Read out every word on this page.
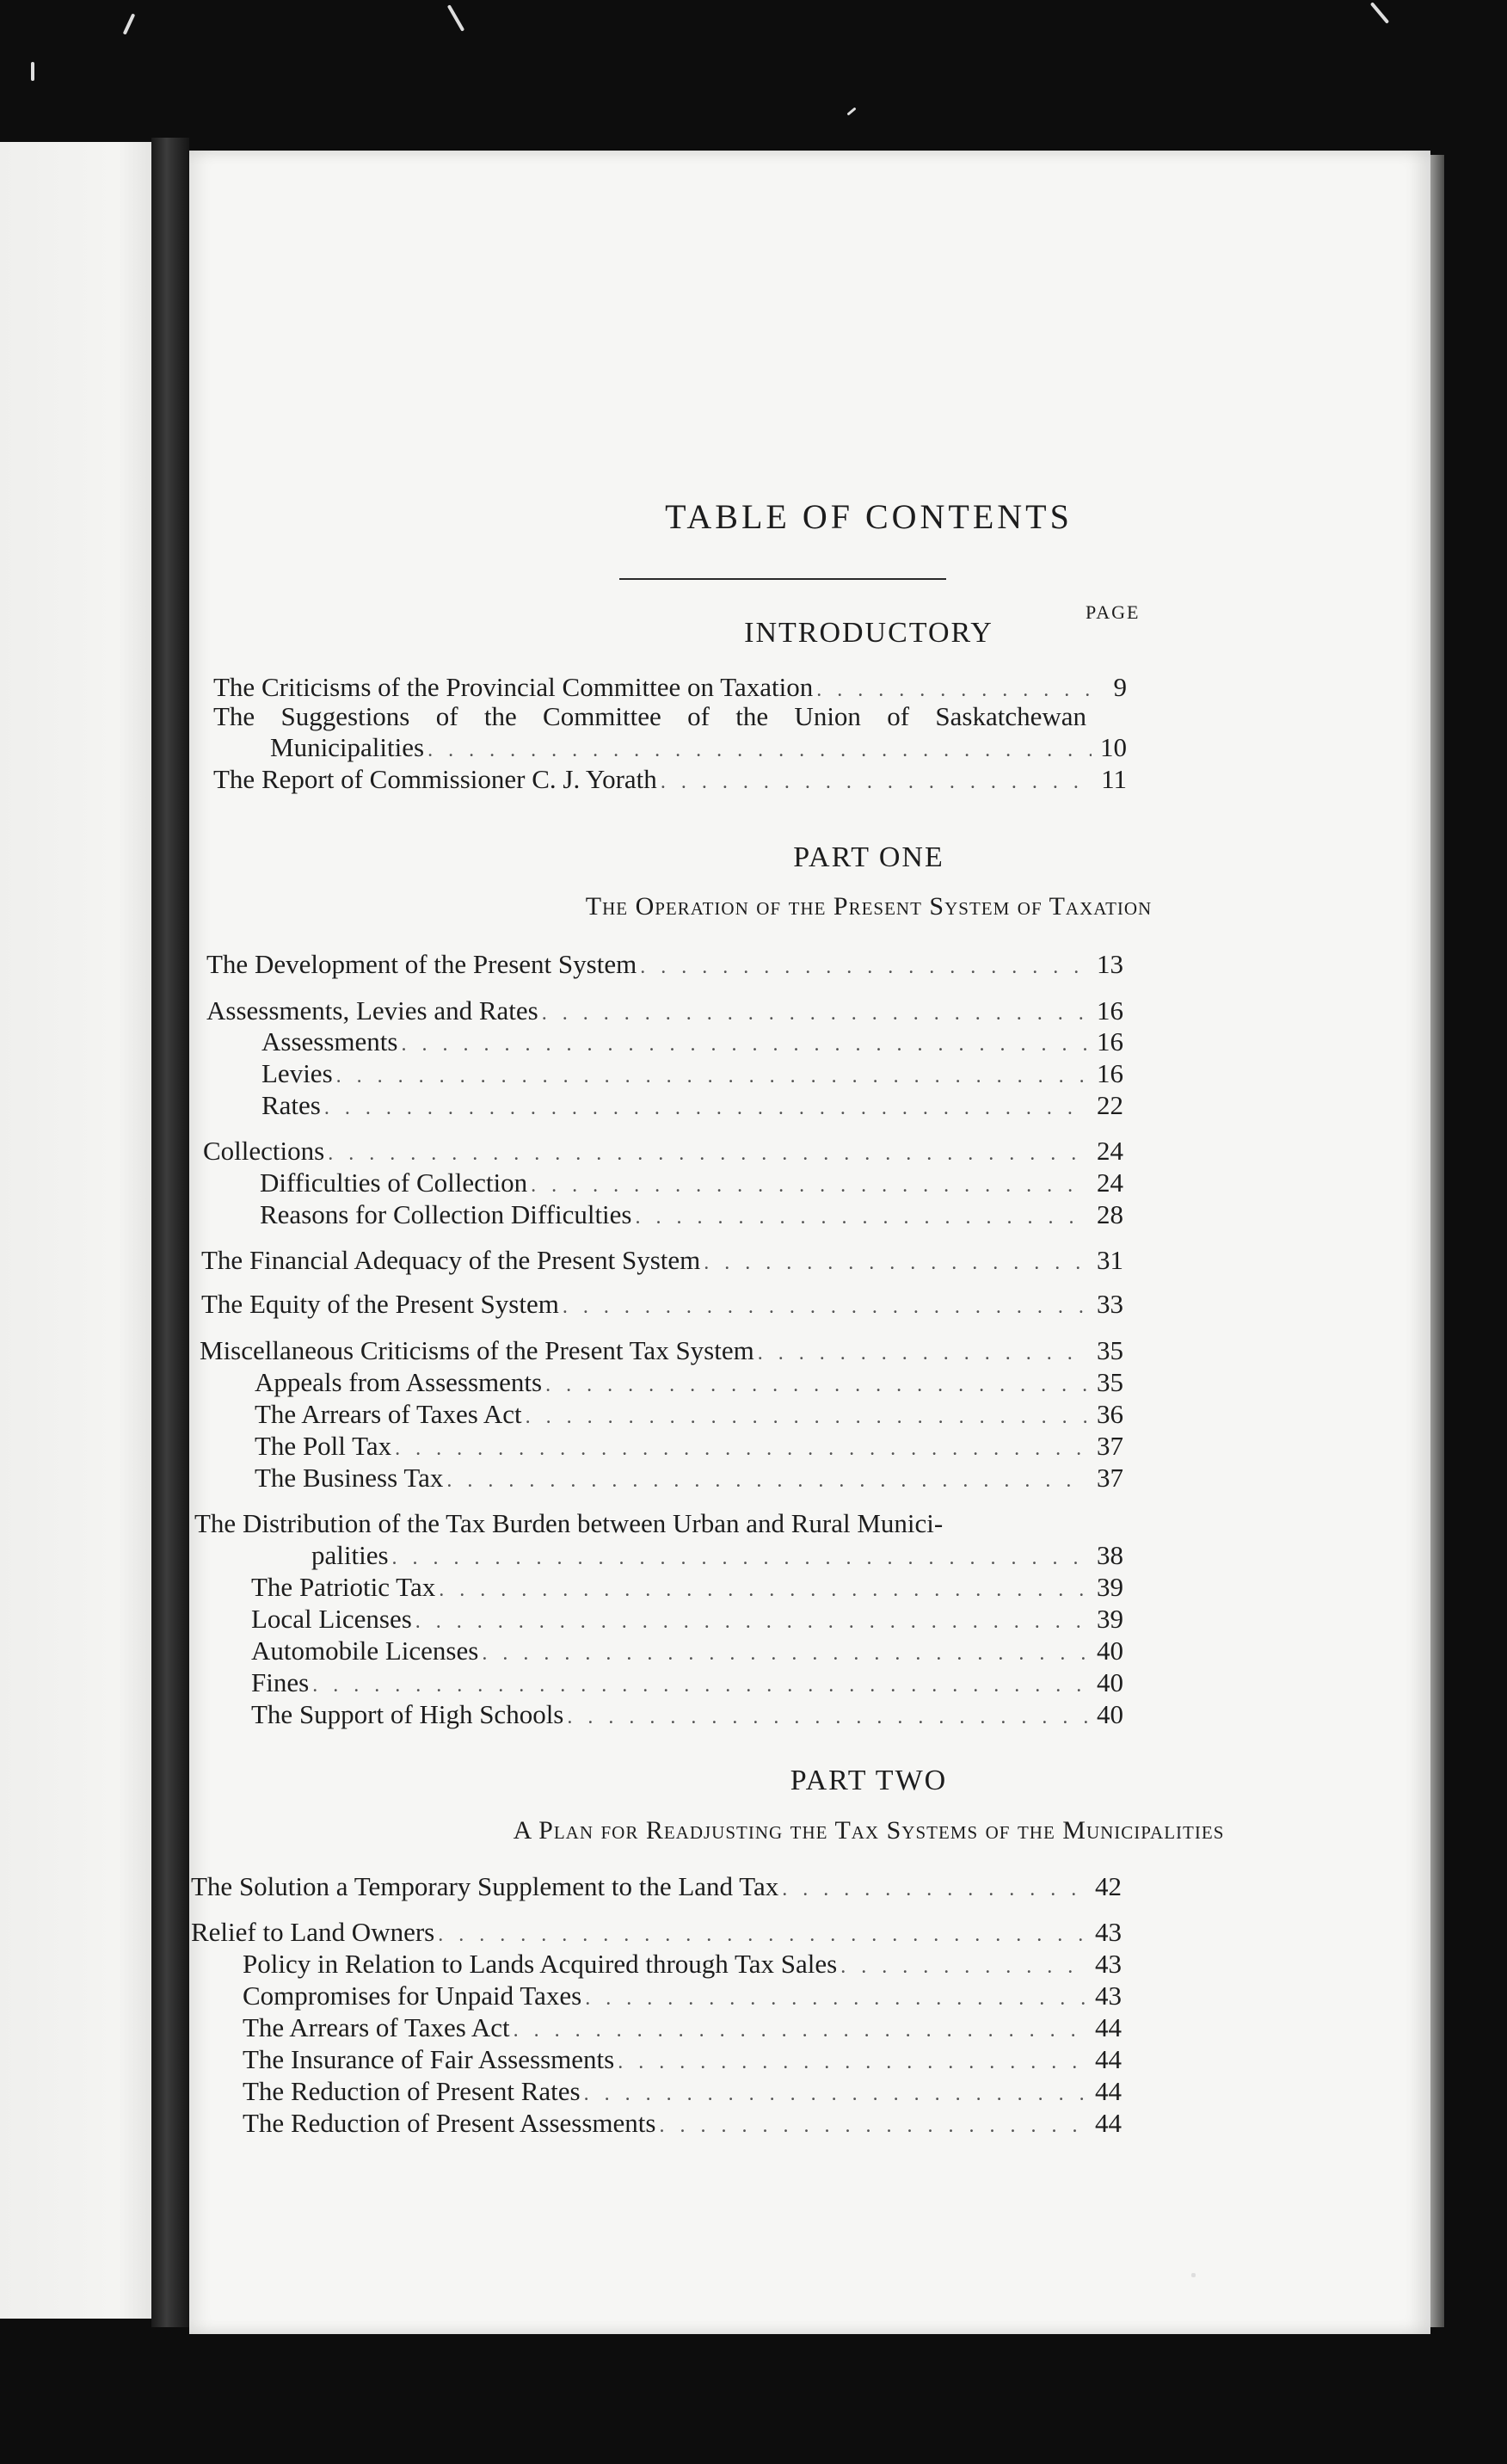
TABLE OF CONTENTS
PAGE
INTRODUCTORY
The Criticisms of the Provincial Committee on Taxation . . .	9
The Suggestions of the Committee of the Union of Saskatchewan
Municipalities . . .	10
The Report of Commissioner C. J. Yorath . . .	11
PART ONE
The Operation of the Present System of Taxation
The Development of the Present System . . .	13
Assessments, Levies and Rates . . .	16
Assessments . . .	16
Levies . . .	16
Rates . . .	22
Collections . . .	24
Difficulties of Collection . . .	24
Reasons for Collection Difficulties . . .	28
The Financial Adequacy of the Present System . . .	31
The Equity of the Present System . . .	33
Miscellaneous Criticisms of the Present Tax System . . .	35
Appeals from Assessments . . .	35
The Arrears of Taxes Act . . .	36
The Poll Tax . . .	37
The Business Tax . . .	37
The Distribution of the Tax Burden between Urban and Rural Munici-
palities . . .	38
The Patriotic Tax . . .	39
Local Licenses . . .	39
Automobile Licenses . . .	40
Fines . . .	40
The Support of High Schools . . .	40
PART TWO
A Plan for Readjusting the Tax Systems of the Municipalities
The Solution a Temporary Supplement to the Land Tax . . .	42
Relief to Land Owners . . .	43
Policy in Relation to Lands Acquired through Tax Sales . . .	43
Compromises for Unpaid Taxes . . .	43
The Arrears of Taxes Act . . .	44
The Insurance of Fair Assessments . . .	44
The Reduction of Present Rates . . .	44
The Reduction of Present Assessments . . .	44
